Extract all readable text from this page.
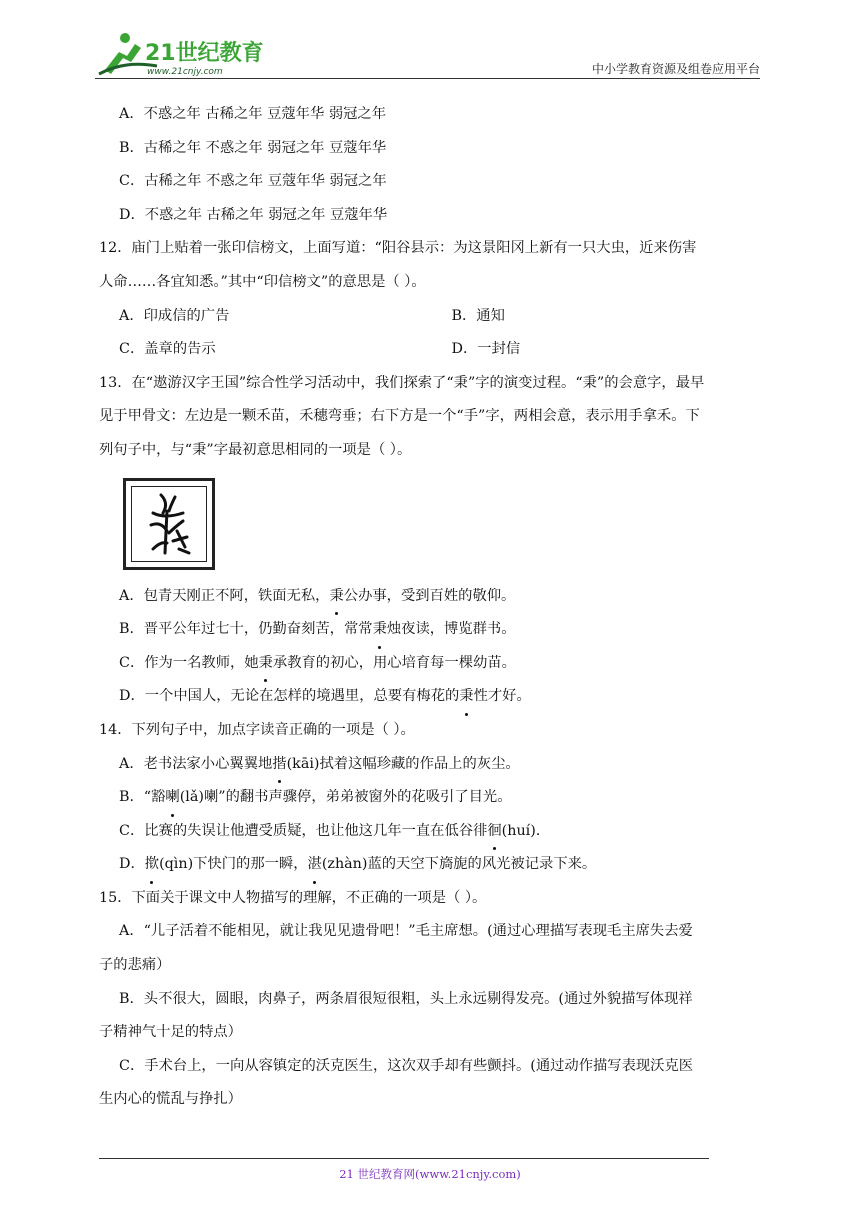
21世纪教育
www.21cnjy.com	中小学教育资源及组卷应用平台
A．不惑之年 古稀之年 豆蔻年华 弱冠之年
B．古稀之年 不惑之年 弱冠之年 豆蔻年华
C．古稀之年 不惑之年 豆蔻年华 弱冠之年
D．不惑之年 古稀之年 弱冠之年 豆蔻年华
12．庙门上贴着一张印信榜文，上面写道：“阳谷县示：为这景阳冈上新有一只大虫，近来伤害
人命……各宜知悉。”其中“印信榜文”的意思是（ ）。
A．印成信的广告	B．通知
C．盖章的告示	D．一封信
13．在“遨游汉字王国”综合性学习活动中，我们探索了“秉”字的演变过程。“秉”的会意字，最早
见于甲骨文：左边是一颗禾苗，禾穗弯垂；右下方是一个“手”字，两相会意，表示用手拿禾。下
列句子中，与“秉”字最初意思相同的一项是（ ）。
A．包青天刚正不阿，铁面无私，秉公办事，受到百姓的敬仰。
B．晋平公年过七十，仍勤奋刻苦，常常秉烛夜读，博览群书。
C．作为一名教师，她秉承教育的初心，用心培育每一棵幼苗。
D．一个中国人，无论在怎样的境遇里，总要有梅花的秉性才好。
14．下列句子中，加点字读音正确的一项是（ ）。
A．老书法家小心翼翼地揩(kāi)拭着这幅珍藏的作品上的灰尘。
B．“豁喇(lǎ)喇”的翻书声骤停，弟弟被窗外的花吸引了目光。
C．比赛的失误让他遭受质疑，也让他这几年一直在低谷徘徊(huí).
D．揿(qìn)下快门的那一瞬，湛(zhàn)蓝的天空下旖旎的风光被记录下来。
15．下面关于课文中人物描写的理解，不正确的一项是（ ）。
A．“儿子活着不能相见，就让我见见遗骨吧！”毛主席想。(通过心理描写表现毛主席失去爱
子的悲痛）
B．头不很大，圆眼，肉鼻子，两条眉很短很粗，头上永远剔得发亮。(通过外貌描写体现祥
子精神气十足的特点）
C．手术台上，一向从容镇定的沃克医生，这次双手却有些颤抖。(通过动作描写表现沃克医
生内心的慌乱与挣扎）
21 世纪教育网(www.21cnjy.com)
